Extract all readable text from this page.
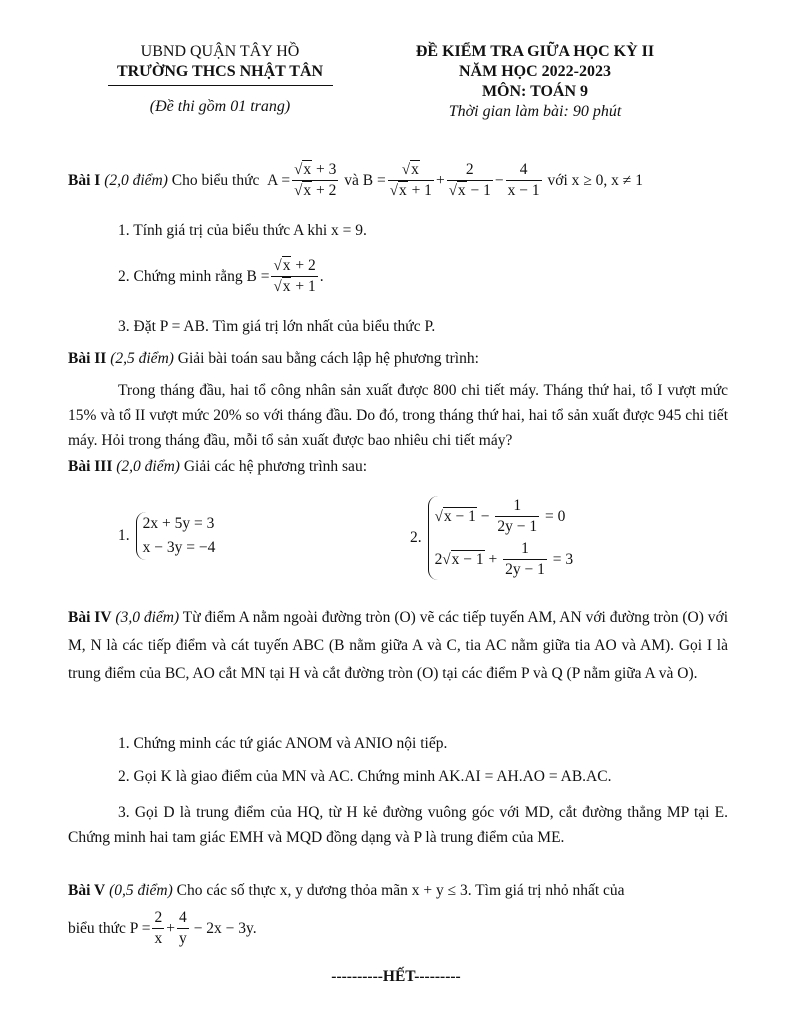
UBND QUẬN TÂY HỒ
TRƯỜNG THCS NHẬT TÂN
(Đề thi gồm 01 trang)
ĐỀ KIỂM TRA GIỮA HỌC KỲ II
NĂM HỌC 2022-2023
MÔN: TOÁN 9
Thời gian làm bài: 90 phút
Bài I
(2,0 điểm)
Cho biểu thức
$A = \frac{√x + 3}{√x + 2}$
và
$B = \frac{√x}{√x + 1} + \frac{2}{√x - 1} - \frac{4}{x - 1}$
với x ≥ 0, x ≠ 1
1. Tính giá trị của biểu thức A khi x = 9.
2. Chứng minh rằng $B = \frac{√x + 2}{√x + 1}$ .
3. Đặt P = AB. Tìm giá trị lớn nhất của biểu thức P.
Bài II (2,5 điểm) Giải bài toán sau bằng cách lập hệ phương trình:
Trong tháng đầu, hai tổ công nhân sản xuất được 800 chi tiết máy. Tháng thứ hai, tổ I vượt mức 15% và tổ II vượt mức 20% so với tháng đầu. Do đó, trong tháng thứ hai, hai tổ sản xuất được 945 chi tiết máy. Hỏi trong tháng đầu, mỗi tổ sản xuất được bao nhiêu chi tiết máy?
Bài III (2,0 điểm) Giải các hệ phương trình sau:
1.
2x + 5y = 3
x − 3y = −4
2.
$√x - 1 - \frac{1}{2y - 1} = 0$
2 $√x - 1 + \frac{1}{2y - 1} = 3$
Bài IV (3,0 điểm) Từ điểm A nằm ngoài đường tròn (O) vẽ các tiếp tuyến AM, AN với đường tròn (O) với M, N là các tiếp điểm và cát tuyến ABC (B nằm giữa A và C, tia AC nằm giữa tia AO và AM). Gọi I là trung điểm của BC, AO cắt MN tại H và cắt đường tròn (O) tại các điểm P và Q (P nằm giữa A và O).
1. Chứng minh các tứ giác ANOM và ANIO nội tiếp.
2. Gọi K là giao điểm của MN và AC. Chứng minh AK.AI = AH.AO = AB.AC.
3. Gọi D là trung điểm của HQ, từ H kẻ đường vuông góc với MD, cắt đường thẳng MP tại E. Chứng minh hai tam giác EMH và MQD đồng dạng và P là trung điểm của ME.
Bài V (0,5 điểm) Cho các số thực x, y dương thỏa mãn x + y ≤ 3. Tìm giá trị nhỏ nhất của
biểu thức $P = \frac{2}{x} + \frac{4}{y} - 2x - 3y$.
----------HẾT---------
